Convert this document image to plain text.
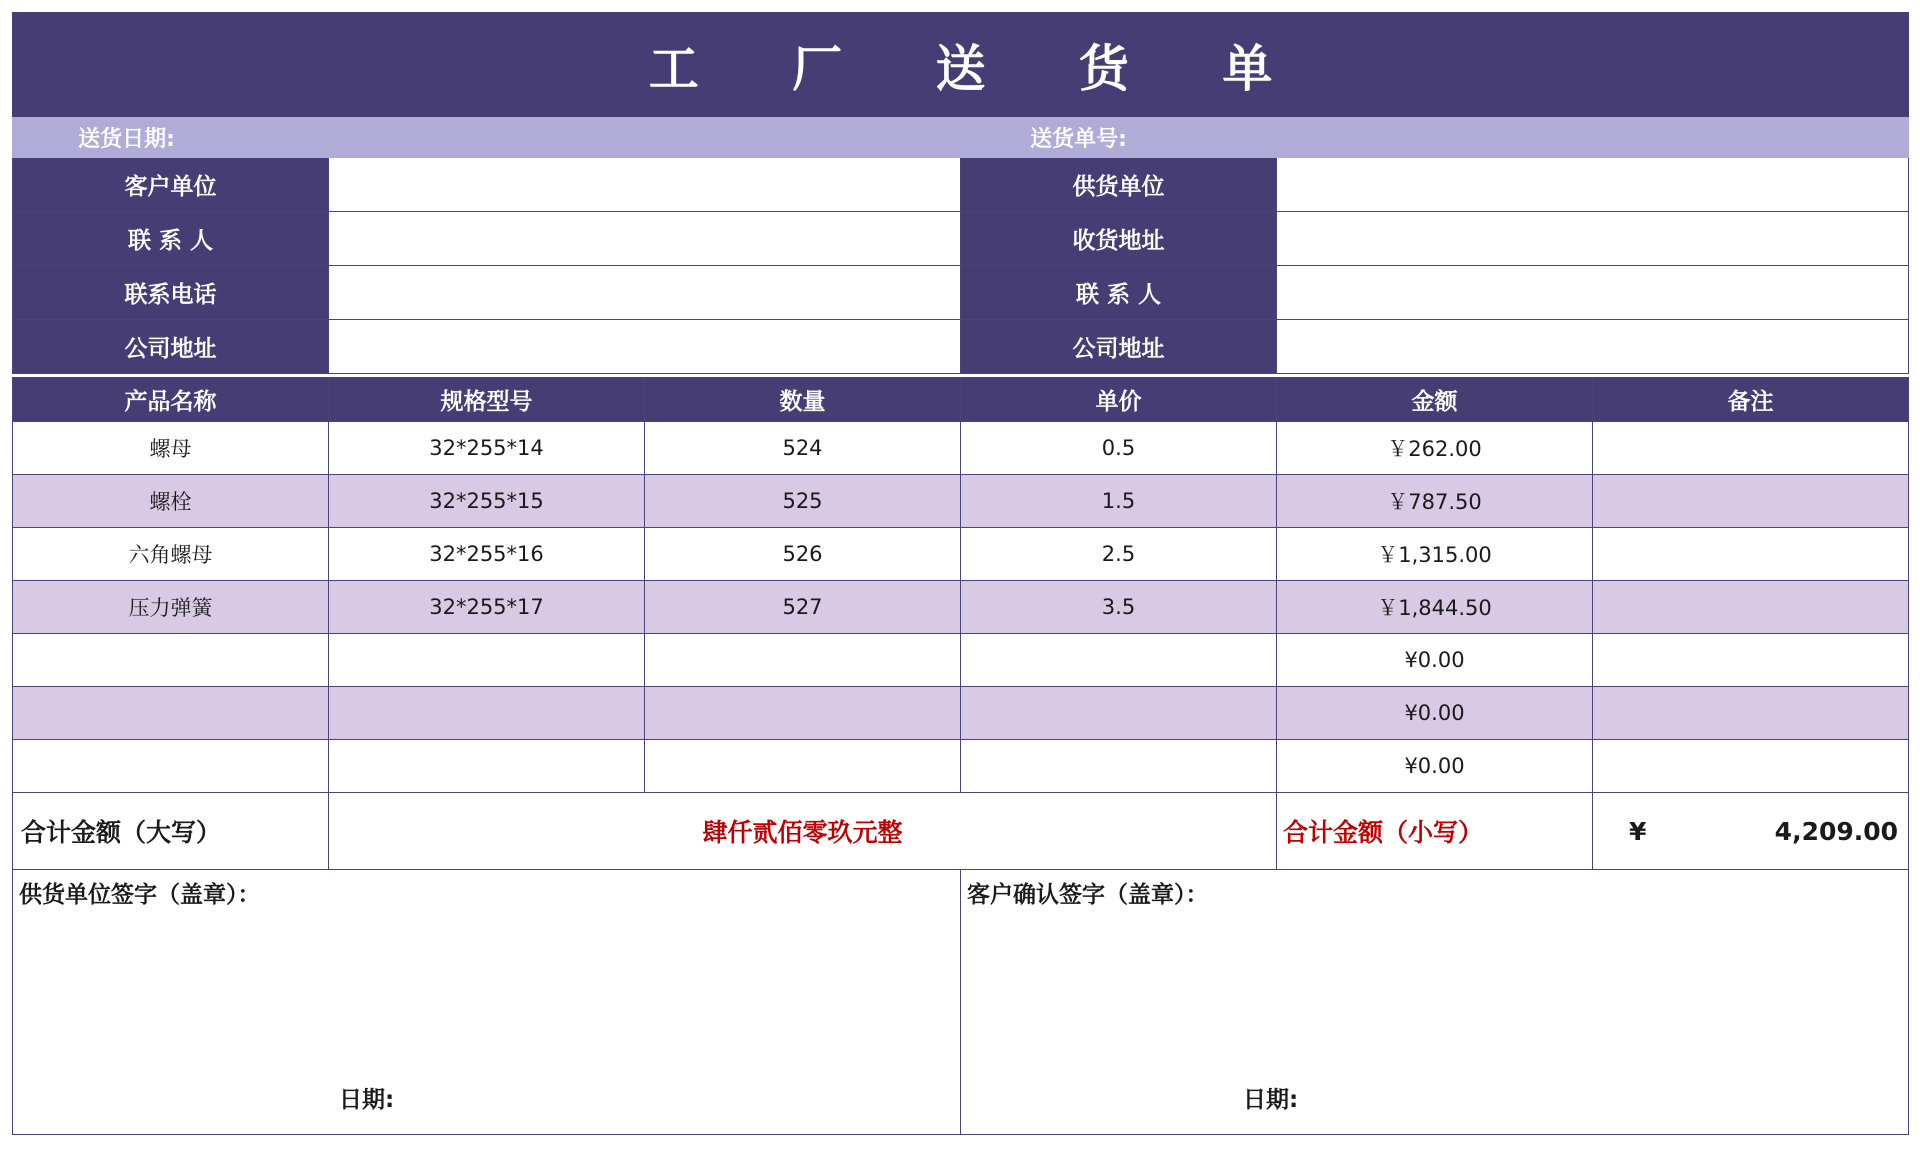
工 厂 送 货 单					
送货日期:			送货单号:		
客户单位			供货单位		
联 系 人			收货地址		
联系电话			联 系 人		
公司地址			公司地址		

产品名称	规格型号	数量	单价	金额	备注
螺母	32*255*14	524	0.5	￥262.00	
螺栓	32*255*15	525	1.5	￥787.50	
六角螺母	32*255*16	526	2.5	￥1,315.00	
压力弹簧	32*255*17	527	3.5	￥1,844.50	
				¥0.00	
				¥0.00	
				¥0.00	
合计金额（大写）	肆仟贰佰零玖元整			合计金额（小写）	¥ 4,209.00

供货单位签字（盖章）：
日期:			客户确认签字（盖章）：
日期:		
